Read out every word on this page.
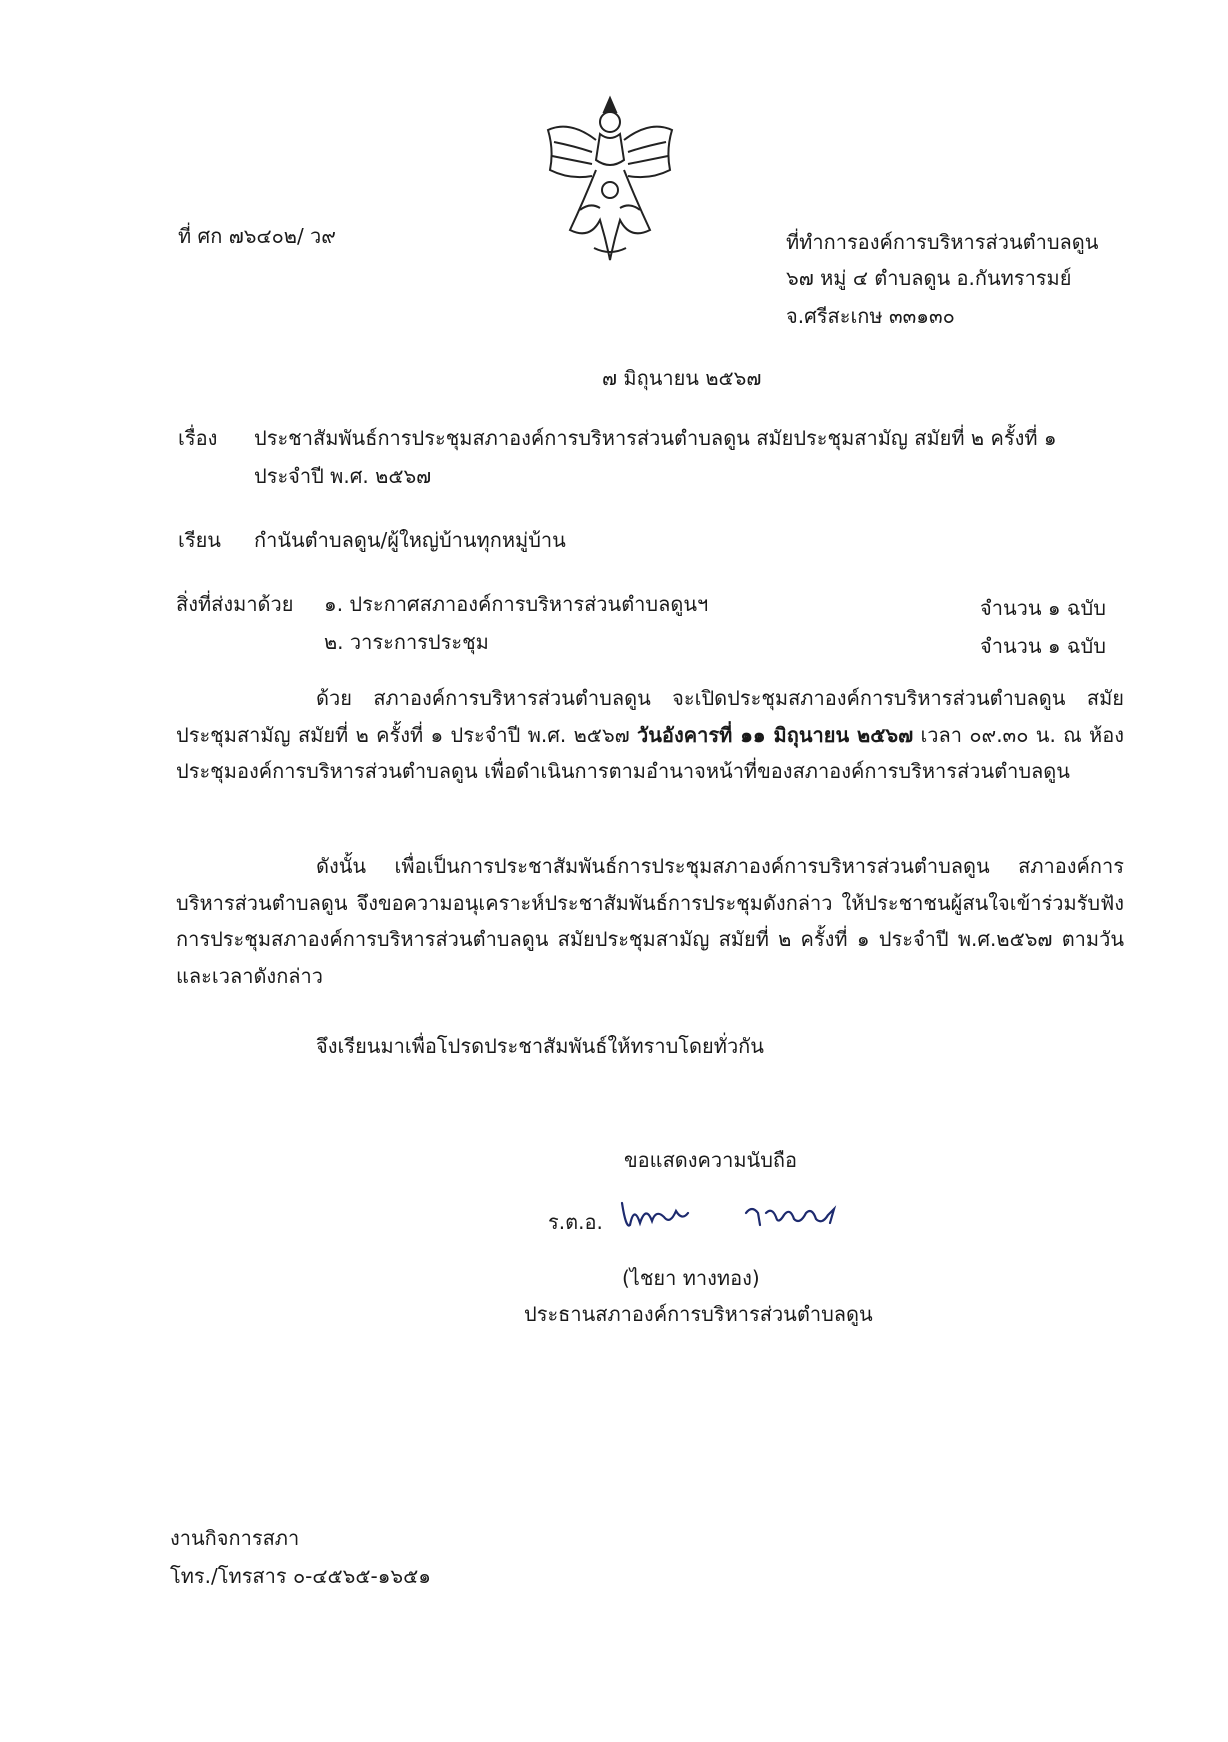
ที่ ศก ๗๖๔๐๒/ ว๙	ที่ทำการองค์การบริหารส่วนตำบลดูน
๖๗ หมู่ ๔ ตำบลดูน อ.กันทรารมย์
จ.ศรีสะเกษ ๓๓๑๓๐
๗ มิถุนายน ๒๕๖๗
เรื่อง ประชาสัมพันธ์การประชุมสภาองค์การบริหารส่วนตำบลดูน สมัยประชุมสามัญ สมัยที่ ๒ ครั้งที่ ๑
ประจำปี พ.ศ. ๒๕๖๗
เรียน กำนันตำบลดูน/ผู้ใหญ่บ้านทุกหมู่บ้าน
สิ่งที่ส่งมาด้วย ๑. ประกาศสภาองค์การบริหารส่วนตำบลดูนฯ	จำนวน ๑ ฉบับ
๒. วาระการประชุม	จำนวน ๑ ฉบับ
ด้วย สภาองค์การบริหารส่วนตำบลดูน จะเปิดประชุมสภาองค์การบริหารส่วนตำบลดูน สมัยประชุมสามัญ สมัยที่ ๒ ครั้งที่ ๑ ประจำปี พ.ศ. ๒๕๖๗ วันอังคารที่ ๑๑ มิถุนายน ๒๕๖๗ เวลา ๐๙.๓๐ น. ณ ห้องประชุมองค์การบริหารส่วนตำบลดูน เพื่อดำเนินการตามอำนาจหน้าที่ของสภาองค์การบริหารส่วนตำบลดูน
ดังนั้น เพื่อเป็นการประชาสัมพันธ์การประชุมสภาองค์การบริหารส่วนตำบลดูน สภาองค์การบริหารส่วนตำบลดูน จึงขอความอนุเคราะห์ประชาสัมพันธ์การประชุมดังกล่าว ให้ประชาชนผู้สนใจเข้าร่วมรับฟังการประชุมสภาองค์การบริหารส่วนตำบลดูน สมัยประชุมสามัญ สมัยที่ ๒ ครั้งที่ ๑ ประจำปี พ.ศ.๒๕๖๗ ตามวันและเวลาดังกล่าว
จึงเรียนมาเพื่อโปรดประชาสัมพันธ์ให้ทราบโดยทั่วกัน
ขอแสดงความนับถือ
ร.ต.อ.
(ไชยา ทางทอง)
ประธานสภาองค์การบริหารส่วนตำบลดูน
งานกิจการสภา
โทร./โทรสาร ๐-๔๕๖๕-๑๖๕๑
